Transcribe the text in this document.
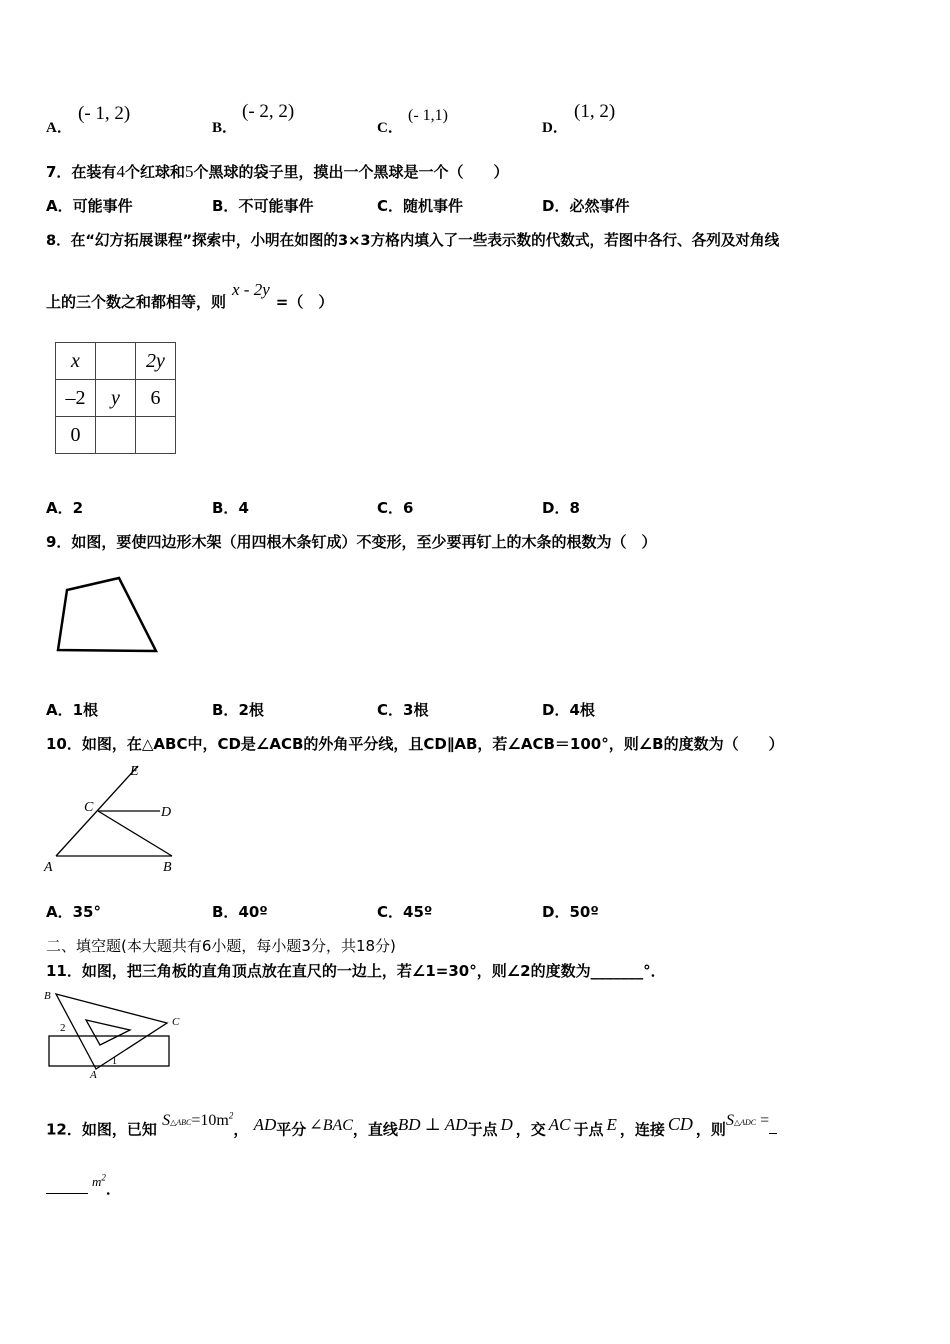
A．
(- 1, 2)
B．
(- 2, 2)
C．
(- 1,1)
D．
(1, 2)
7．在装有4个红球和5个黑球的袋子里，摸出一个黑球是一个（　　）
A．可能事件	B．不可能事件	C．随机事件	D．必然事件
8．在“幻方拓展课程”探索中，小明在如图的3×3方格内填入了一些表示数的代数式，若图中各行、各列及对角线
上的三个数之和都相等，则x - 2y=（　）
x		2y
–2	y	6
0		
A．2	B．4	C．6	D．8
9．如图，要使四边形木架（用四根木条钉成）不变形，至少要再钉上的木条的根数为（　）
A．1根	B．2根	C．3根	D．4根
10．如图，在△ABC中，CD是∠ACB的外角平分线，且CD∥AB，若∠ACB＝100°，则∠B的度数为（　　）
E
C	D
A	B
A．35°	B．40º	C．45º	D．50º
二、填空题(本大题共有6小题，每小题3分，共18分)
11．如图，把三角板的直角顶点放在直尺的一边上，若∠1=30°，则∠2的度数为_______°．
B
C
2
1
A
12．如图，已知 $S\triangle ABC=10m^2$， AD平分 ∠BAC，直线BD ⊥ AD于点 D ，交 AC 于点 E ，连接 CD ，则S△ADC =
$m^2$．
